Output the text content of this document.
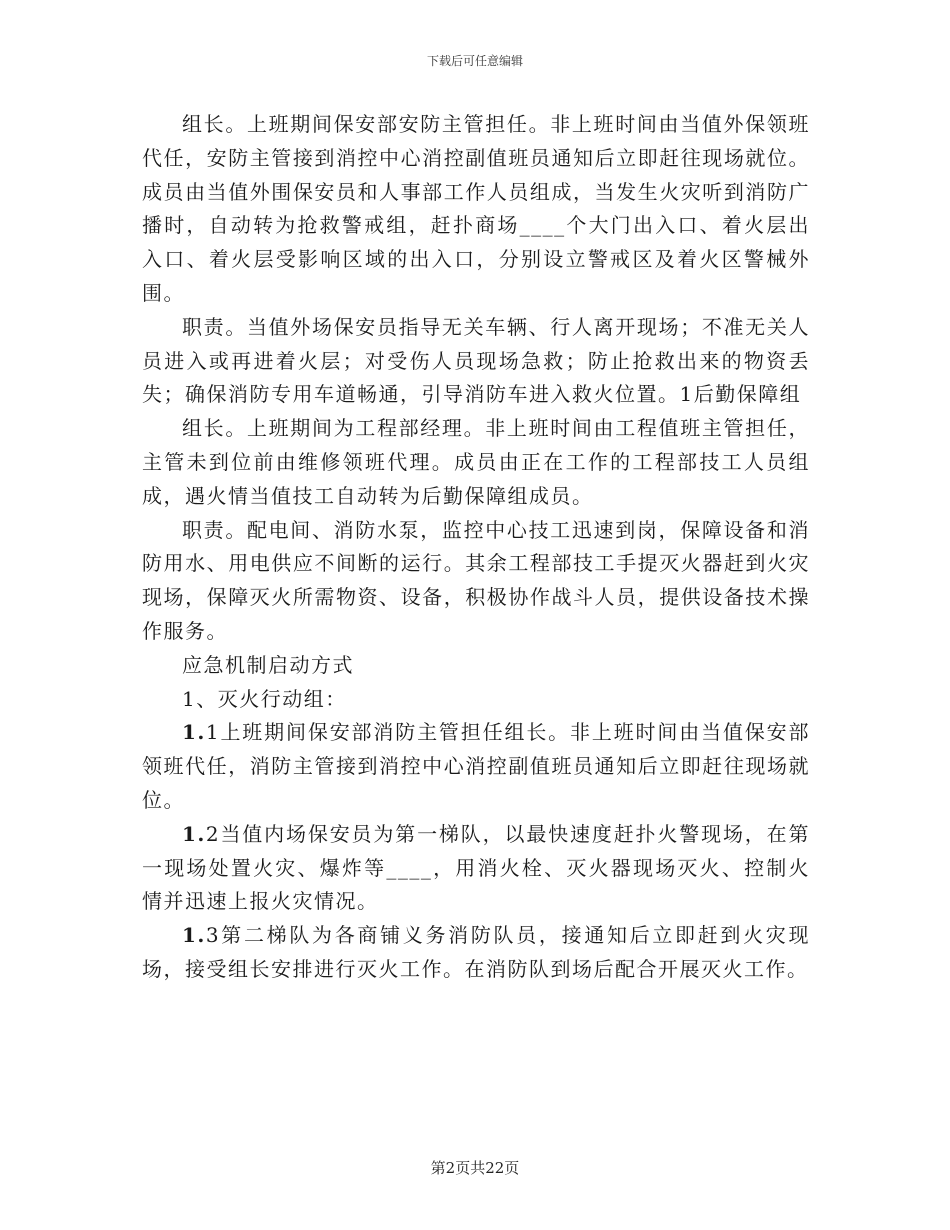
下载后可任意编辑

组长。上班期间保安部安防主管担任。非上班时间由当值外保领班代任，安防主管接到消控中心消控副值班员通知后立即赶往现场就位。成员由当值外围保安员和人事部工作人员组成，当发生火灾听到消防广播时，自动转为抢救警戒组，赶扑商场____个大门出入口、着火层出入口、着火层受影响区域的出入口，分别设立警戒区及着火区警械外围。

职责。当值外场保安员指导无关车辆、行人离开现场；不准无关人员进入或再进着火层；对受伤人员现场急救；防止抢救出来的物资丢失；确保消防专用车道畅通，引导消防车进入救火位置。1后勤保障组

组长。上班期间为工程部经理。非上班时间由工程值班主管担任，主管未到位前由维修领班代理。成员由正在工作的工程部技工人员组成，遇火情当值技工自动转为后勤保障组成员。

职责。配电间、消防水泵，监控中心技工迅速到岗，保障设备和消防用水、用电供应不间断的运行。其余工程部技工手提灭火器赶到火灾现场，保障灭火所需物资、设备，积极协作战斗人员，提供设备技术操作服务。

应急机制启动方式

1、灭火行动组：

1.1上班期间保安部消防主管担任组长。非上班时间由当值保安部领班代任，消防主管接到消控中心消控副值班员通知后立即赶往现场就位。

1.2当值内场保安员为第一梯队，以最快速度赶扑火警现场，在第一现场处置火灾、爆炸等____，用消火栓、灭火器现场灭火、控制火情并迅速上报火灾情况。

1.3第二梯队为各商铺义务消防队员，接通知后立即赶到火灾现场，接受组长安排进行灭火工作。在消防队到场后配合开展灭火工作。

第2页共22页
